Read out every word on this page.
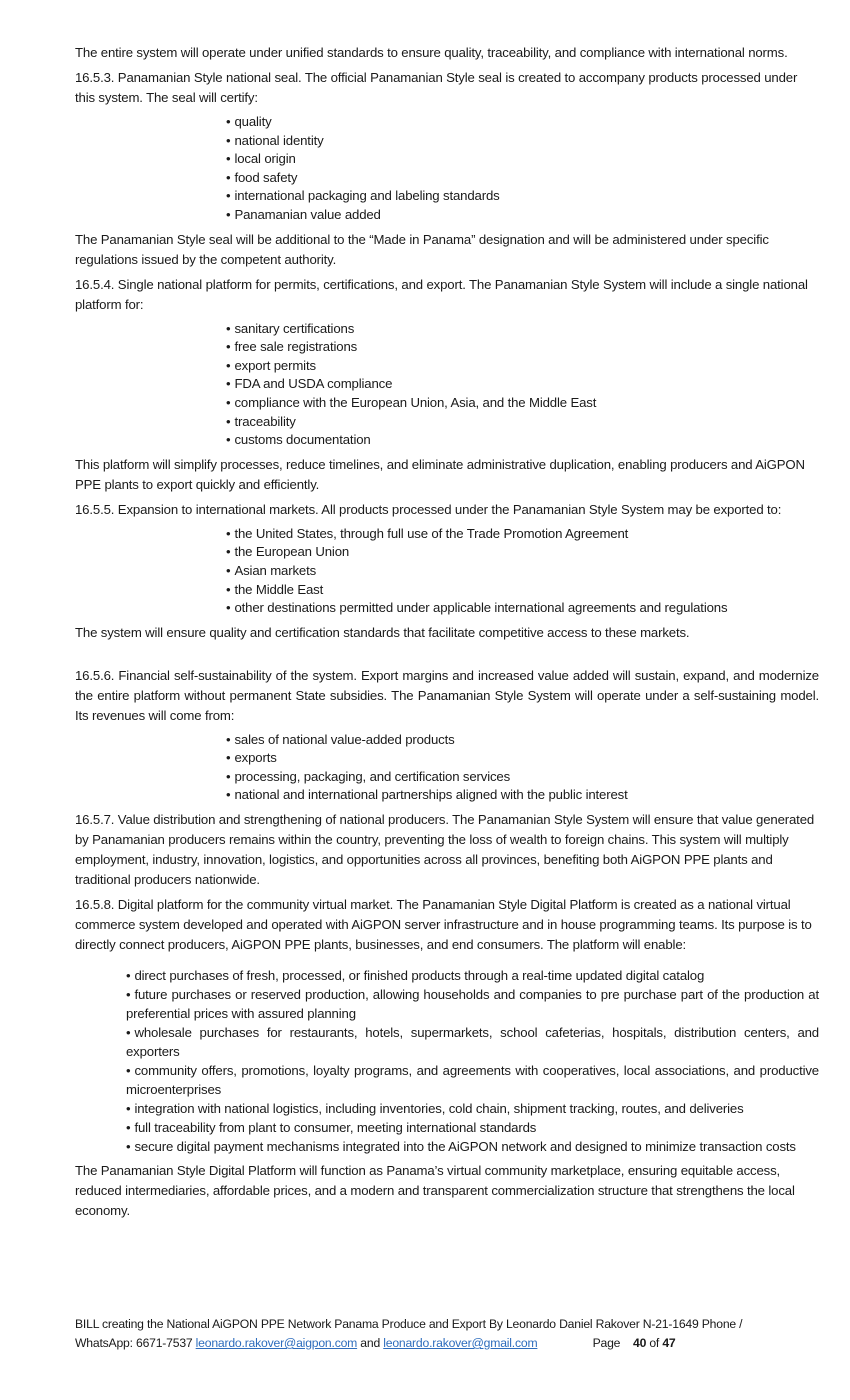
The entire system will operate under unified standards to ensure quality, traceability, and compliance with international norms.

16.5.3. Panamanian Style national seal. The official Panamanian Style seal is created to accompany products processed under this system. The seal will certify:

• quality
• national identity
• local origin
• food safety
• international packaging and labeling standards
• Panamanian value added

The Panamanian Style seal will be additional to the “Made in Panama” designation and will be administered under specific regulations issued by the competent authority.

16.5.4. Single national platform for permits, certifications, and export. The Panamanian Style System will include a single national platform for:

• sanitary certifications
• free sale registrations
• export permits
• FDA and USDA compliance
• compliance with the European Union, Asia, and the Middle East
• traceability
• customs documentation

This platform will simplify processes, reduce timelines, and eliminate administrative duplication, enabling producers and AiGPON PPE plants to export quickly and efficiently.

16.5.5. Expansion to international markets. All products processed under the Panamanian Style System may be exported to:

• the United States, through full use of the Trade Promotion Agreement
• the European Union
• Asian markets
• the Middle East
• other destinations permitted under applicable international agreements and regulations

The system will ensure quality and certification standards that facilitate competitive access to these markets.

16.5.6. Financial self-sustainability of the system. Export margins and increased value added will sustain, expand, and modernize the entire platform without permanent State subsidies. The Panamanian Style System will operate under a self-sustaining model. Its revenues will come from:

• sales of national value-added products
• exports
• processing, packaging, and certification services
• national and international partnerships aligned with the public interest

16.5.7. Value distribution and strengthening of national producers. The Panamanian Style System will ensure that value generated by Panamanian producers remains within the country, preventing the loss of wealth to foreign chains. This system will multiply employment, industry, innovation, logistics, and opportunities across all provinces, benefiting both AiGPON PPE plants and traditional producers nationwide.

16.5.8. Digital platform for the community virtual market. The Panamanian Style Digital Platform is created as a national virtual commerce system developed and operated with AiGPON server infrastructure and in house programming teams. Its purpose is to directly connect producers, AiGPON PPE plants, businesses, and end consumers. The platform will enable:

• direct purchases of fresh, processed, or finished products through a real-time updated digital catalog
• future purchases or reserved production, allowing households and companies to pre purchase part of the production at preferential prices with assured planning
• wholesale purchases for restaurants, hotels, supermarkets, school cafeterias, hospitals, distribution centers, and exporters
• community offers, promotions, loyalty programs, and agreements with cooperatives, local associations, and productive microenterprises
• integration with national logistics, including inventories, cold chain, shipment tracking, routes, and deliveries
• full traceability from plant to consumer, meeting international standards
• secure digital payment mechanisms integrated into the AiGPON network and designed to minimize transaction costs

The Panamanian Style Digital Platform will function as Panama’s virtual community marketplace, ensuring equitable access, reduced intermediaries, affordable prices, and a modern and transparent commercialization structure that strengthens the local economy.

BILL creating the National AiGPON PPE Network Panama Produce and Export By Leonardo Daniel Rakover N-21-1649 Phone / WhatsApp: 6671-7537 leonardo.rakover@aigpon.com and leonardo.rakover@gmail.com	Page 40 of 47
